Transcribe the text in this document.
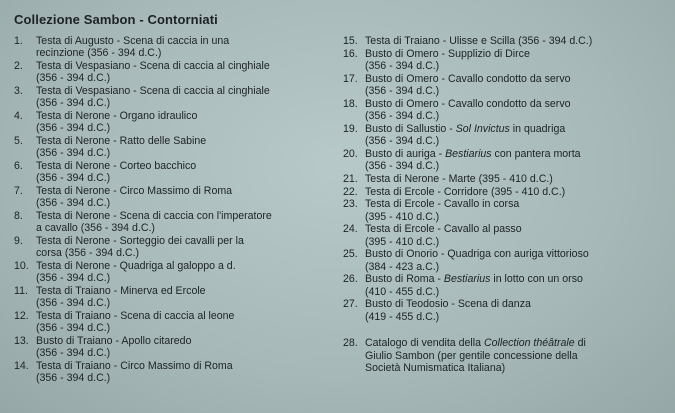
Collezione Sambon - Contorniati
1.	Testa di Augusto - Scena di caccia in una
recinzione (356 - 394 d.C.)
2.	Testa di Vespasiano - Scena di caccia al cinghiale
(356 - 394 d.C.)
3.	Testa di Vespasiano - Scena di caccia al cinghiale
(356 - 394 d.C.)
4.	Testa di Nerone - Organo idraulico
(356 - 394 d.C.)
5.	Testa di Nerone - Ratto delle Sabine
(356 - 394 d.C.)
6.	Testa di Nerone - Corteo bacchico
(356 - 394 d.C.)
7.	Testa di Nerone - Circo Massimo di Roma
(356 - 394 d.C.)
8.	Testa di Nerone - Scena di caccia con l'imperatore
a cavallo (356 - 394 d.C.)
9.	Testa di Nerone - Sorteggio dei cavalli per la
corsa (356 - 394 d.C.)
10. Testa di Nerone - Quadriga al galoppo a d.
(356 - 394 d.C.)
11. Testa di Traiano - Minerva ed Ercole
(356 - 394 d.C.)
12. Testa di Traiano - Scena di caccia al leone
(356 - 394 d.C.)
13. Busto di Traiano - Apollo citaredo
(356 - 394 d.C.)
14. Testa di Traiano - Circo Massimo di Roma
(356 - 394 d.C.)
15. Testa di Traiano - Ulisse e Scilla (356 - 394 d.C.)
16. Busto di Omero - Supplizio di Dirce
(356 - 394 d.C.)
17. Busto di Omero - Cavallo condotto da servo
(356 - 394 d.C.)
18. Busto di Omero - Cavallo condotto da servo
(356 - 394 d.C.)
19. Busto di Sallustio - Sol Invictus in quadriga
(356 - 394 d.C.)
20. Busto di auriga - Bestiarius con pantera morta
(356 - 394 d.C.)
21. Testa di Nerone - Marte (395 - 410 d.C.)
22. Testa di Ercole - Corridore (395 - 410 d.C.)
23. Testa di Ercole - Cavallo in corsa
(395 - 410 d.C.)
24. Testa di Ercole - Cavallo al passo
(395 - 410 d.C.)
25. Busto di Onorio - Quadriga con auriga vittorioso
(384 - 423 a.C.)
26. Busto di Roma - Bestiarius in lotto con un orso
(410 - 455 d.C.)
27. Busto di Teodosio - Scena di danza
(419 - 455 d.C.)
28. Catalogo di vendita della Collection théâtrale di
Giulio Sambon (per gentile concessione della
Società Numismatica Italiana)
